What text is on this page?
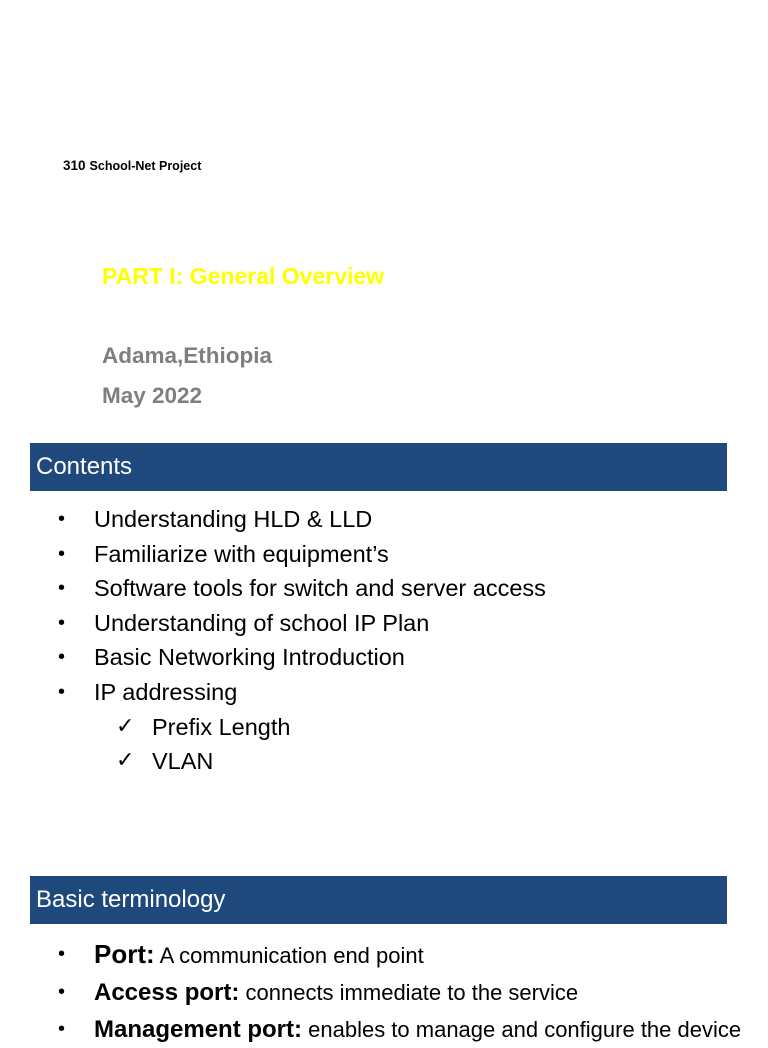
310 School-Net Project
PART I: General Overview
Adama,Ethiopia
May 2022
Contents
• Understanding HLD & LLD
• Familiarize with equipment’s
• Software tools for switch and server access
• Understanding of school IP Plan
• Basic Networking Introduction
• IP addressing
✓ Prefix Length
✓ VLAN
Basic terminology
• Port: A communication end point
• Access port: connects immediate to the service
• Management port: enables to manage and configure the device
